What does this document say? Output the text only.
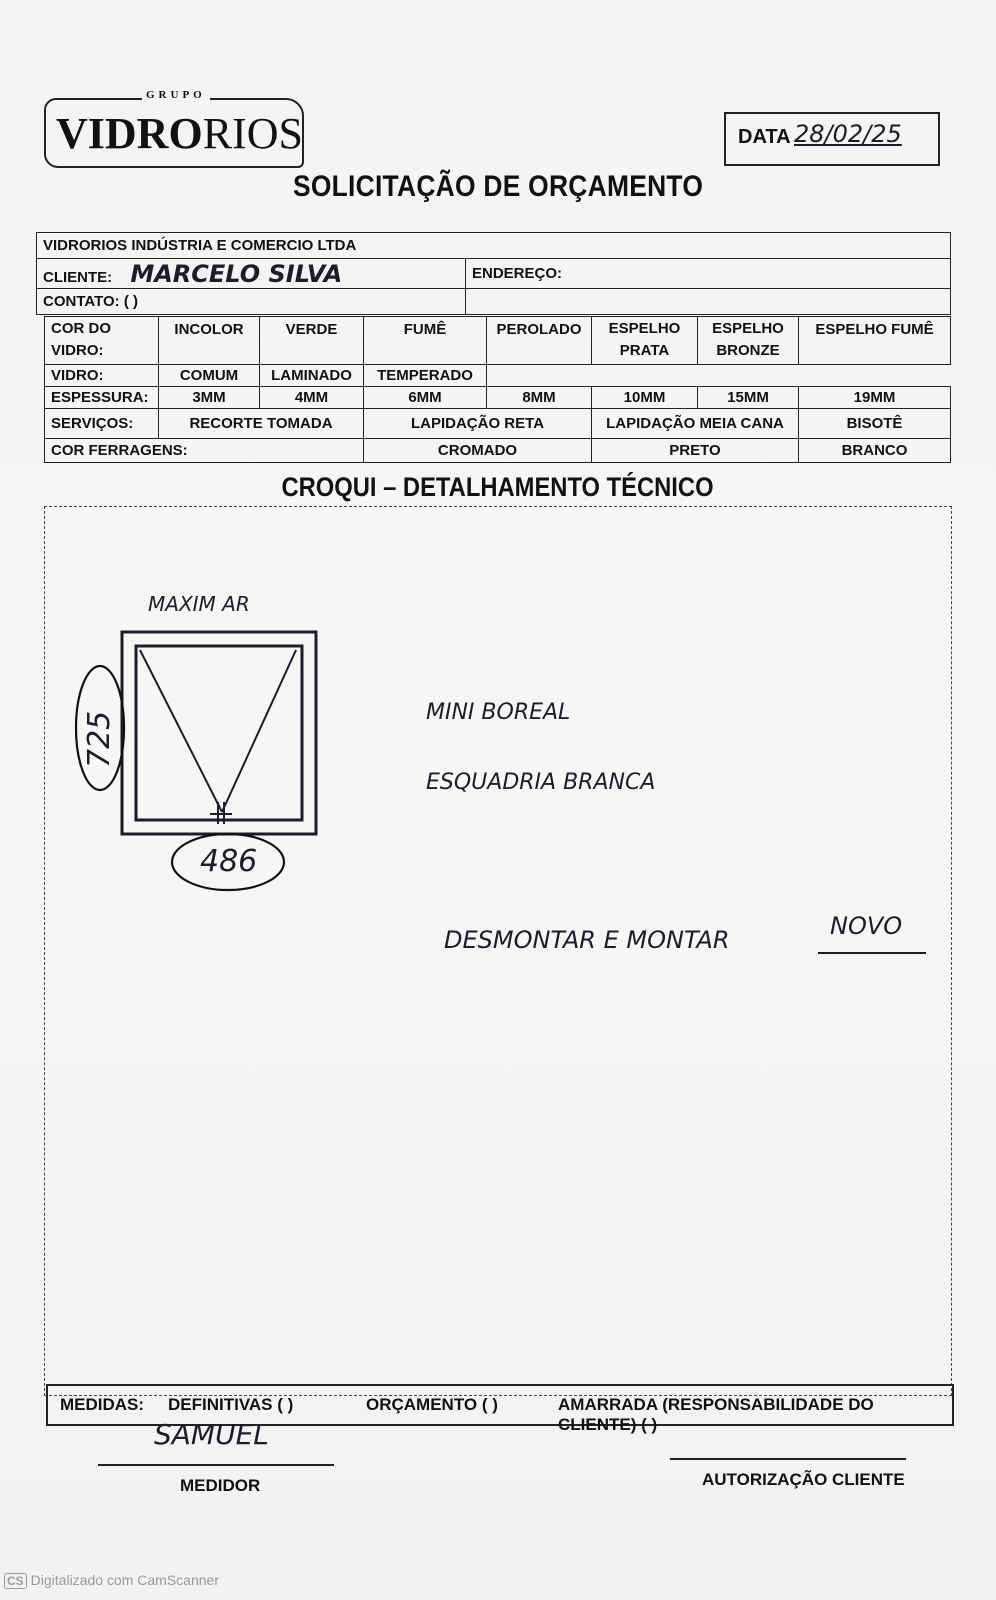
GRUPO
VIDRORIOS	DATA 28/02/25
SOLICITAÇÃO DE ORÇAMENTO
VIDRORIOS INDÚSTRIA E COMERCIO LTDA	
CLIENTE: MARCELO SILVA	ENDEREÇO:
CONTATO: ( )	
COR DO VIDRO:	INCOLOR	VERDE	FUMÊ	PEROLADO	ESPELHO PRATA	ESPELHO BRONZE	ESPELHO FUMÊ
VIDRO:	COMUM	LAMINADO	TEMPERADO				
ESPESSURA:	3MM	4MM	6MM	8MM	10MM	15MM	19MM
SERVIÇOS:	RECORTE TOMADA		LAPIDAÇÃO RETA		LAPIDAÇÃO MEIA CANA		BISOTÊ
COR FERRAGENS:			CROMADO		PRETO		BRANCO
CROQUI – DETALHAMENTO TÉCNICO
MAXIM AR
725
486
MINI BOREAL
ESQUADRIA BRANCA
DESMONTAR E MONTAR	NOVO
MEDIDAS: DEFINITIVAS ( )	ORÇAMENTO ( )	AMARRADA (RESPONSABILIDADE DO CLIENTE) ( )
SAMUEL
MEDIDOR	AUTORIZAÇÃO CLIENTE
CS Digitalizado com CamScanner
